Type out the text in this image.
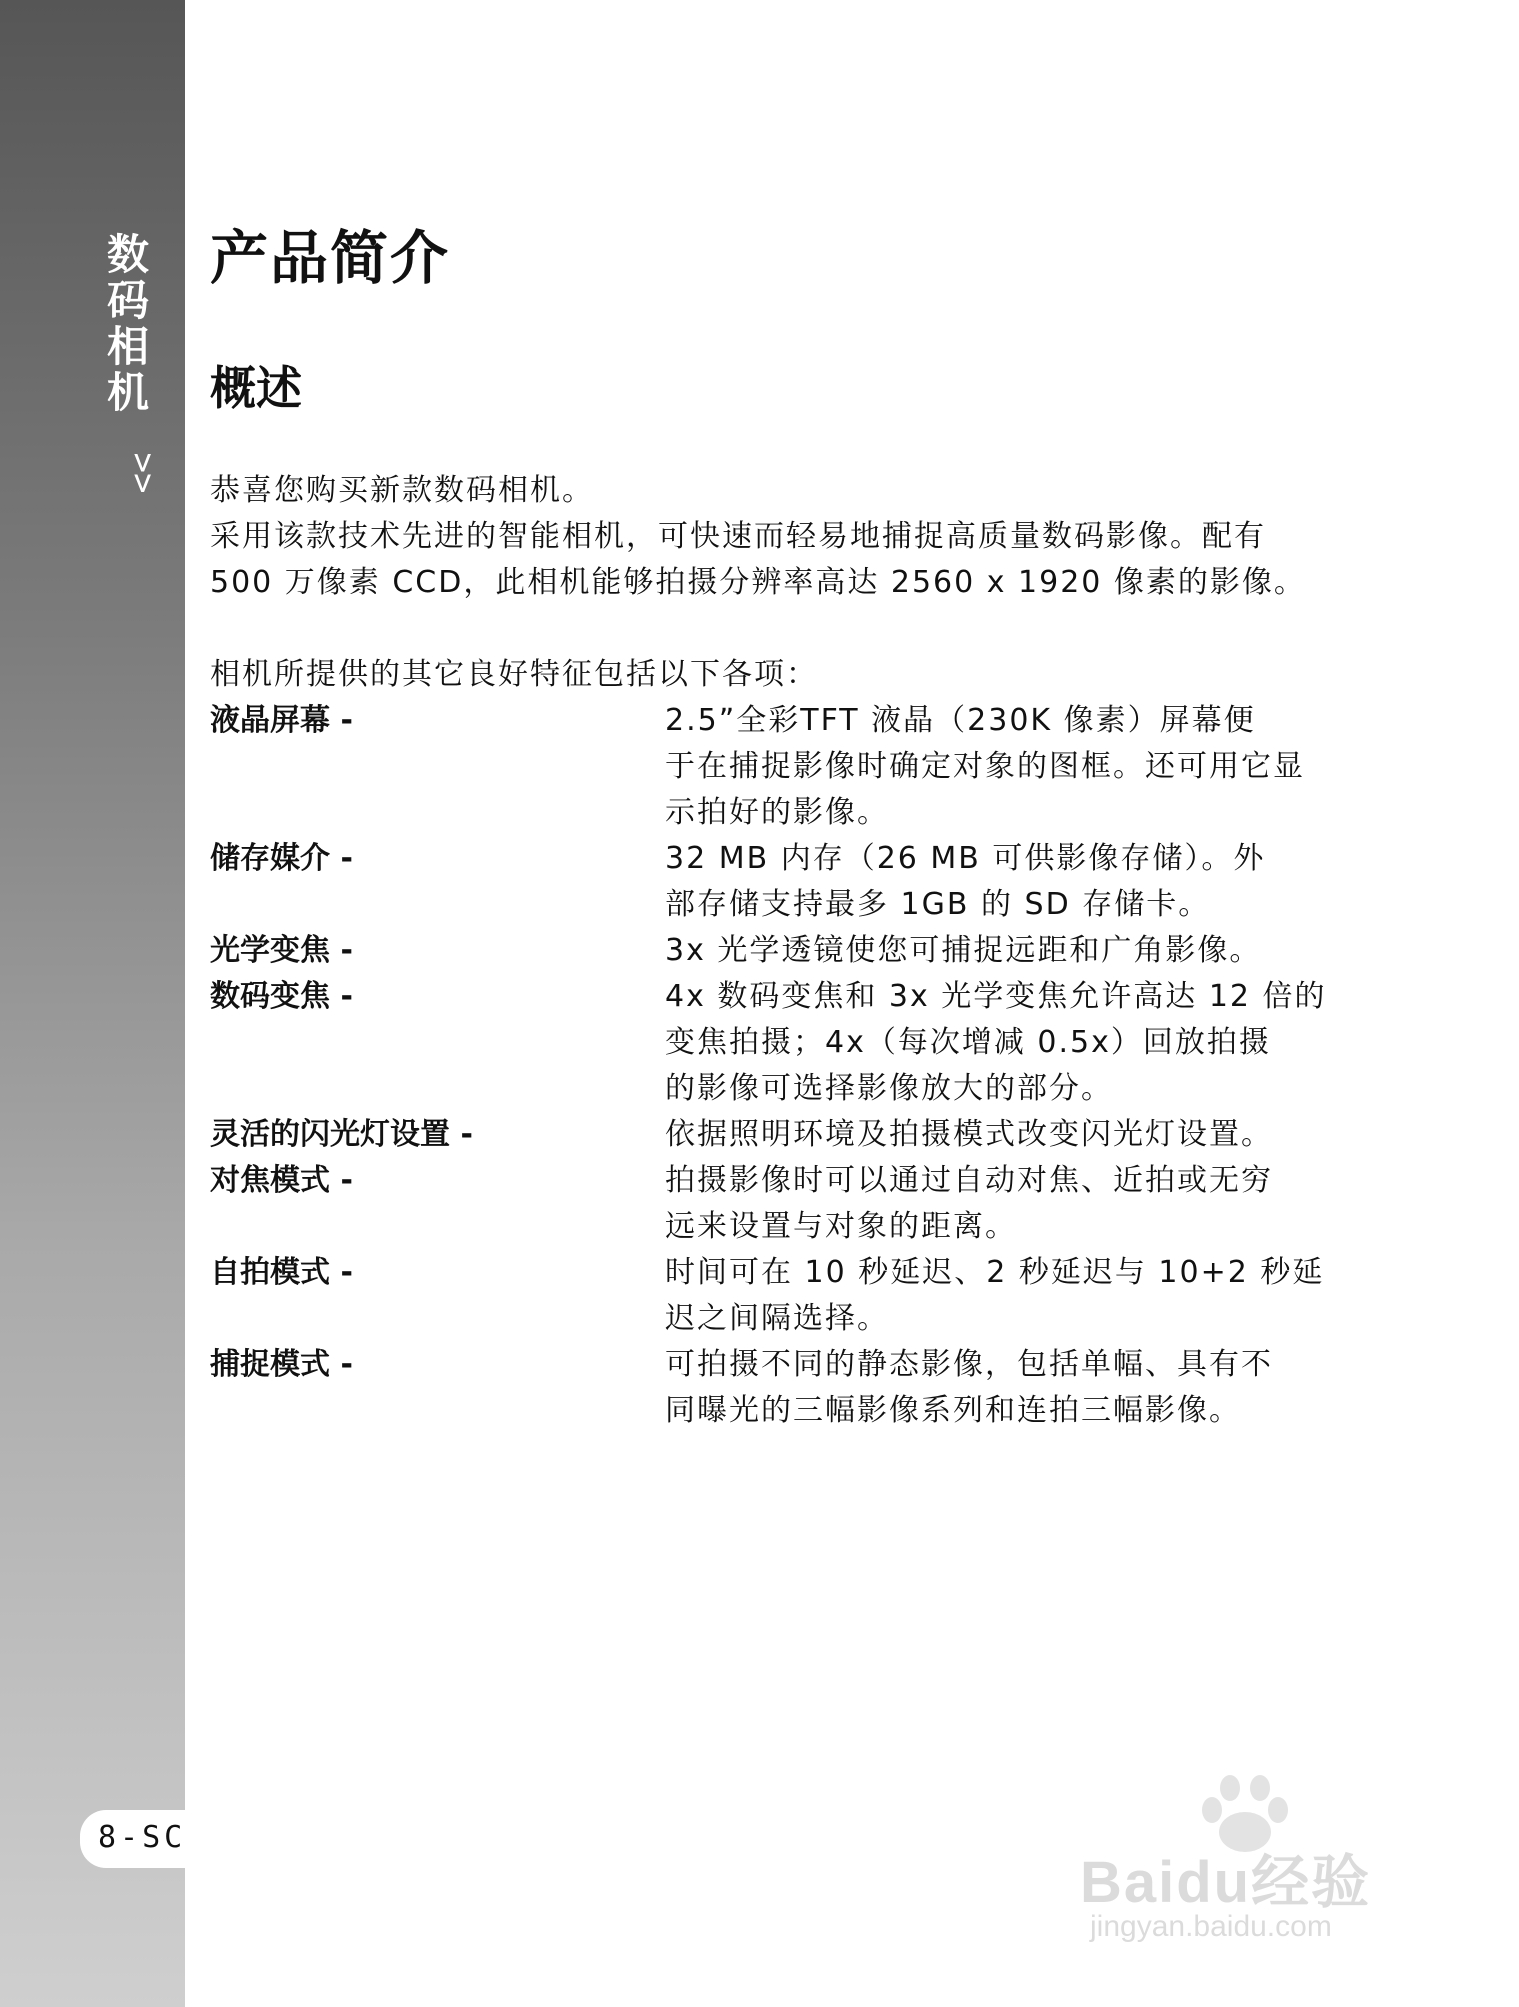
数码相机
>>
8-SC
产品简介
概述

恭喜您购买新款数码相机。

采用该款技术先进的智能相机，可快速而轻易地捕捉高质量数码影像。配有

500 万像素 CCD，此相机能够拍摄分辨率高达 2560 x 1920 像素的影像。

相机所提供的其它良好特征包括以下各项：

液晶屏幕 -	2.5”全彩TFT 液晶（230K 像素）屏幕便
于在捕捉影像时确定对象的图框。还可用它显
示拍好的影像。
储存媒介 -	32 MB 内存（26 MB 可供影像存储）。外
部存储支持最多 1GB 的 SD 存储卡。
光学变焦 -	3x 光学透镜使您可捕捉远距和广角影像。
数码变焦 -	4x 数码变焦和 3x 光学变焦允许高达 12 倍的
变焦拍摄；4x（每次增减 0.5x）回放拍摄
的影像可选择影像放大的部分。
灵活的闪光灯设置 -	依据照明环境及拍摄模式改变闪光灯设置。
对焦模式 -	拍摄影像时可以通过自动对焦、近拍或无穷
远来设置与对象的距离。
自拍模式 -	时间可在 10 秒延迟、2 秒延迟与 10+2 秒延
迟之间隔选择。
捕捉模式 -	可拍摄不同的静态影像，包括单幅、具有不
同曝光的三幅影像系列和连拍三幅影像。
Baidu经验
jingyan.baidu.com
